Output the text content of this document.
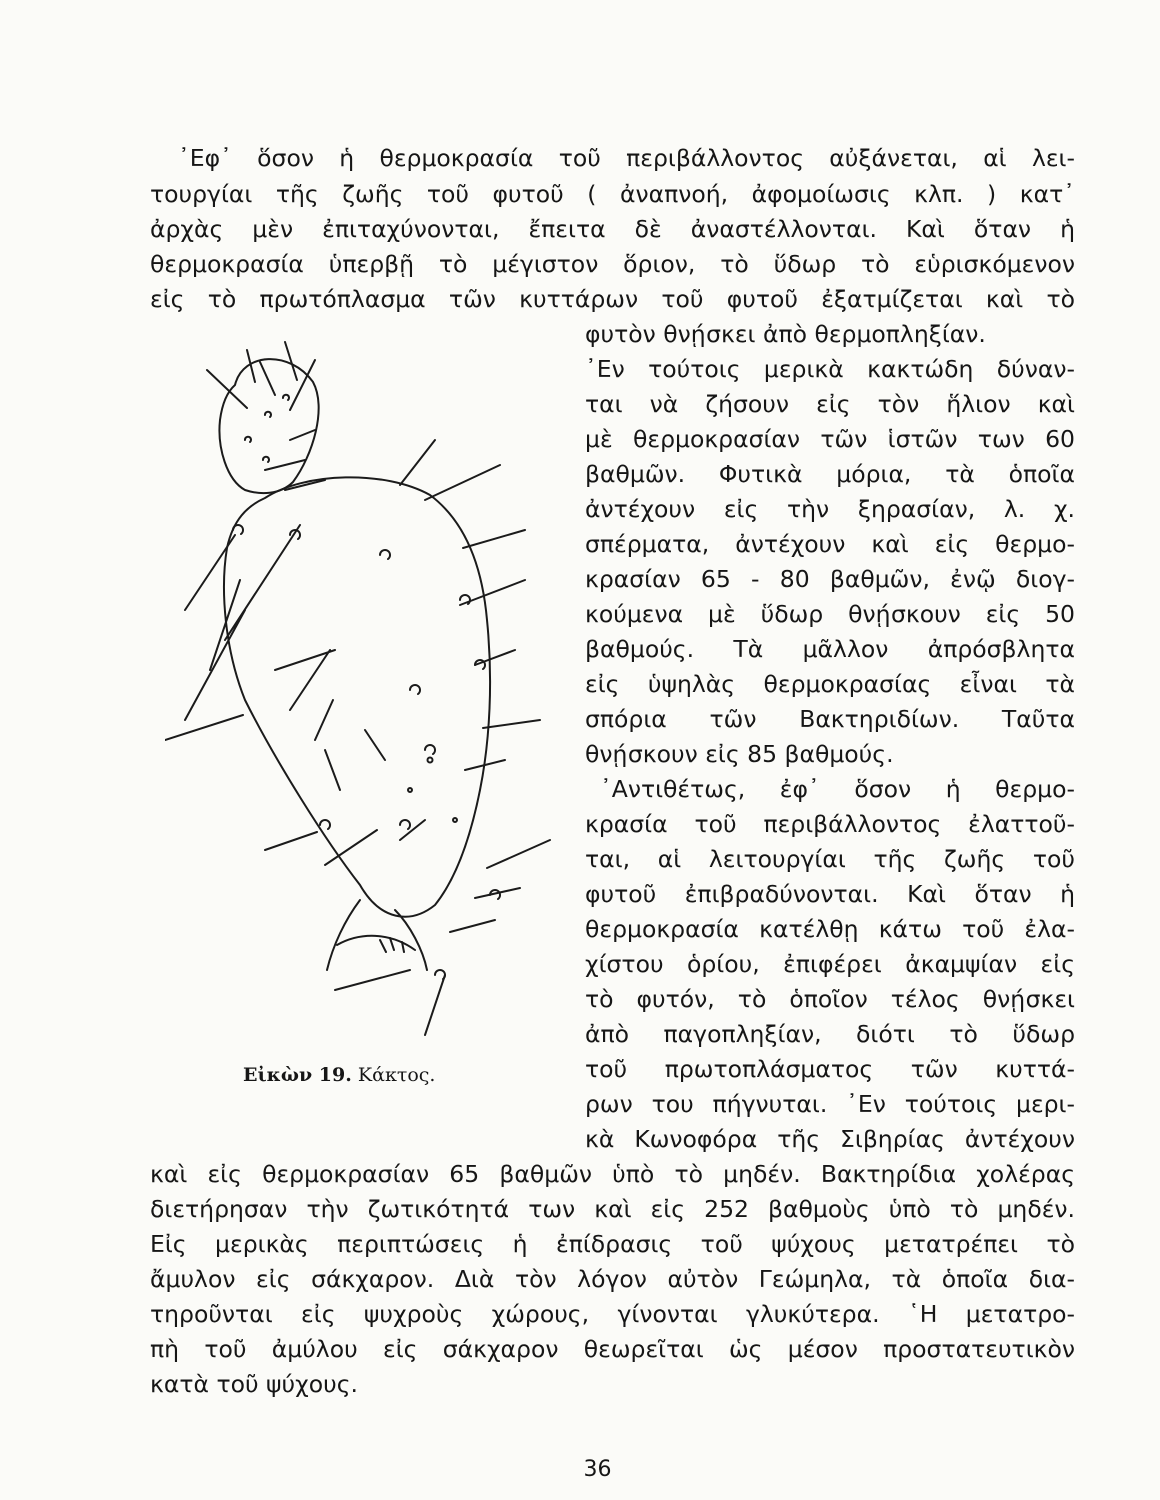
᾿Εφ᾿ ὅσον ἡ θερμοκρασία τοῦ περιβάλλοντος αὐξάνεται, αἱ λει-
τουργίαι τῆς ζωῆς τοῦ φυτοῦ ( ἀναπνοή, ἀφομοίωσις κλπ. ) κατ᾿
ἀρχὰς μὲν ἐπιταχύνονται, ἔπειτα δὲ ἀναστέλλονται. Καὶ ὅταν ἡ
θερμοκρασία ὑπερβῇ τὸ μέγιστον ὅριον, τὸ ὕδωρ τὸ εὑρισκόμενον
εἰς τὸ πρωτόπλασμα τῶν κυττάρων τοῦ φυτοῦ ἐξατμίζεται καὶ τὸ
φυτὸν θνῄσκει ἀπὸ θερμοπληξίαν.
᾿Εν τούτοις μερικὰ κακτώδη δύναν-
ται νὰ ζήσουν εἰς τὸν ἥλιον καὶ
μὲ θερμοκρασίαν τῶν ἱστῶν των 60
βαθμῶν. Φυτικὰ μόρια, τὰ ὁποῖα
ἀντέχουν εἰς τὴν ξηρασίαν, λ. χ.
σπέρματα, ἀντέχουν καὶ εἰς θερμο-
κρασίαν 65 - 80 βαθμῶν, ἐνῷ διογ-
κούμενα μὲ ὕδωρ θνῄσκουν εἰς 50
βαθμούς. Τὰ μᾶλλον ἀπρόσβλητα
εἰς ὑψηλὰς θερμοκρασίας εἶναι τὰ
σπόρια τῶν Βακτηριδίων. Ταῦτα
θνῄσκουν εἰς 85 βαθμούς.
᾿Αντιθέτως, ἐφ᾿ ὅσον ἡ θερμο-
κρασία τοῦ περιβάλλοντος ἐλαττοῦ-
ται, αἱ λειτουργίαι τῆς ζωῆς τοῦ
φυτοῦ ἐπιβραδύνονται. Καὶ ὅταν ἡ
θερμοκρασία κατέλθῃ κάτω τοῦ ἐλα-
χίστου ὁρίου, ἐπιφέρει ἀκαμψίαν εἰς
τὸ φυτόν, τὸ ὁποῖον τέλος θνῄσκει
ἀπὸ παγοπληξίαν, διότι τὸ ὕδωρ
τοῦ πρωτοπλάσματος τῶν κυττά-
ρων του πήγνυται. ᾿Εν τούτοις μερι-
κὰ Κωνοφόρα τῆς Σιβηρίας ἀντέχουν
καὶ εἰς θερμοκρασίαν 65 βαθμῶν ὑπὸ τὸ μηδέν. Βακτηρίδια χολέρας
διετήρησαν τὴν ζωτικότητά των καὶ εἰς 252 βαθμοὺς ὑπὸ τὸ μηδέν.
Εἰς μερικὰς περιπτώσεις ἡ ἐπίδρασις τοῦ ψύχους μετατρέπει τὸ
ἄμυλον εἰς σάκχαρον. Διὰ τὸν λόγον αὐτὸν Γεώμηλα, τὰ ὁποῖα δια-
τηροῦνται εἰς ψυχροὺς χώρους, γίνονται γλυκύτερα. ῾Η μετατρο-
πὴ τοῦ ἀμύλου εἰς σάκχαρον θεωρεῖται ὡς μέσον προστατευτικὸν
κατὰ τοῦ ψύχους.
Εἰκὼν 19. Κάκτος.
36
